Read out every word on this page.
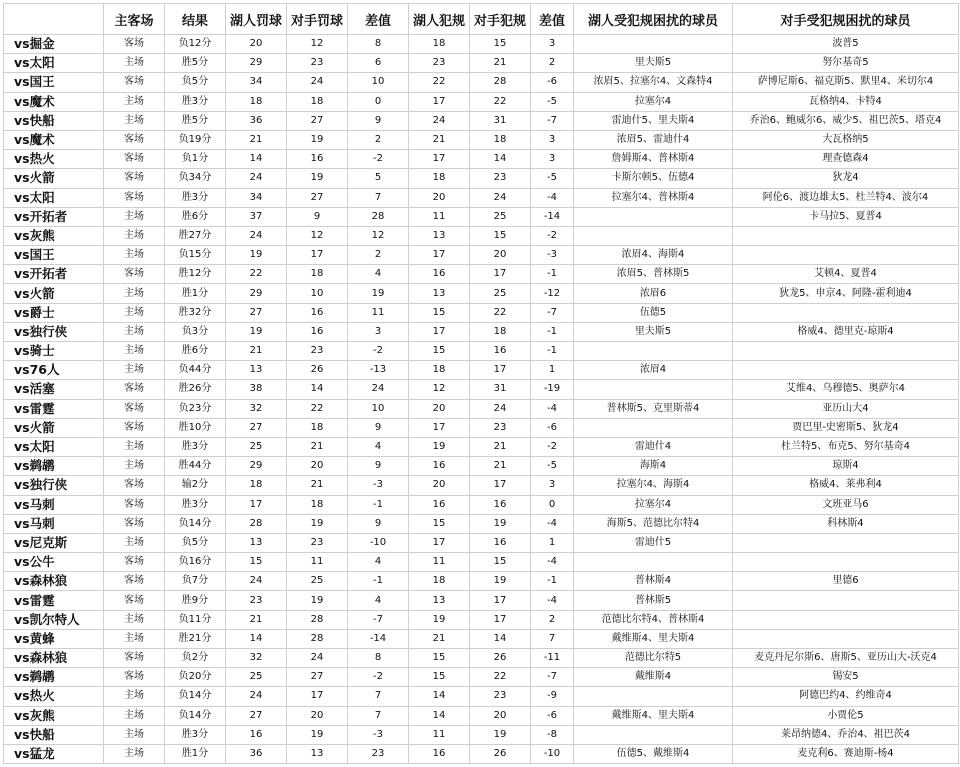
	主客场	结果	湖人罚球	对手罚球	差值	湖人犯规	对手犯规	差值	湖人受犯规困扰的球员	对手受犯规困扰的球员
vs掘金	客场	负12分	20	12	8	18	15	3		波普5
vs太阳	主场	胜5分	29	23	6	23	21	2	里夫斯5	努尔基奇5
vs国王	客场	负5分	34	24	10	22	28	-6	浓眉5、拉塞尔4、文森特4	萨博尼斯6、福克斯5、默里4、米切尔4
vs魔术	主场	胜3分	18	18	0	17	22	-5	拉塞尔4	瓦格纳4、卡特4
vs快船	主场	胜5分	36	27	9	24	31	-7	雷迪什5、里夫斯4	乔治6、鲍威尔6、威少5、祖巴茨5、塔克4
vs魔术	客场	负19分	21	19	2	21	18	3	浓眉5、雷迪什4	大瓦格纳5
vs热火	客场	负1分	14	16	-2	17	14	3	詹姆斯4、普林斯4	理查德森4
vs火箭	客场	负34分	24	19	5	18	23	-5	卡斯尔顿5、伍德4	狄龙4
vs太阳	客场	胜3分	34	27	7	20	24	-4	拉塞尔4、普林斯4	阿伦6、渡边雄太5、杜兰特4、波尔4
vs开拓者	主场	胜6分	37	9	28	11	25	-14		卡马拉5、夏普4
vs灰熊	主场	胜27分	24	12	12	13	15	-2		
vs国王	主场	负15分	19	17	2	17	20	-3	浓眉4、海斯4	
vs开拓者	客场	胜12分	22	18	4	16	17	-1	浓眉5、普林斯5	艾顿4、夏普4
vs火箭	主场	胜1分	29	10	19	13	25	-12	浓眉6	狄龙5、申京4、阿隆-霍利迪4
vs爵士	主场	胜32分	27	16	11	15	22	-7	伍德5	
vs独行侠	主场	负3分	19	16	3	17	18	-1	里夫斯5	格威4、德里克-琼斯4
vs骑士	主场	胜6分	21	23	-2	15	16	-1		
vs76人	主场	负44分	13	26	-13	18	17	1	浓眉4	
vs活塞	客场	胜26分	38	14	24	12	31	-19		艾维4、乌穆德5、奥萨尔4
vs雷霆	客场	负23分	32	22	10	20	24	-4	普林斯5、克里斯蒂4	亚历山大4
vs火箭	客场	胜10分	27	18	9	17	23	-6		贾巴里-史密斯5、狄龙4
vs太阳	主场	胜3分	25	21	4	19	21	-2	雷迪什4	杜兰特5、布克5、努尔基奇4
vs鹈鹕	主场	胜44分	29	20	9	16	21	-5	海斯4	琼斯4
vs独行侠	客场	输2分	18	21	-3	20	17	3	拉塞尔4、海斯4	格威4、莱弗利4
vs马刺	客场	胜3分	17	18	-1	16	16	0	拉塞尔4	文班亚马6
vs马刺	客场	负14分	28	19	9	15	19	-4	海斯5、范德比尔特4	科林斯4
vs尼克斯	主场	负5分	13	23	-10	17	16	1	雷迪什5	
vs公牛	客场	负16分	15	11	4	11	15	-4		
vs森林狼	客场	负7分	24	25	-1	18	19	-1	普林斯4	里德6
vs雷霆	客场	胜9分	23	19	4	13	17	-4	普林斯5	
vs凯尔特人	主场	负11分	21	28	-7	19	17	2	范德比尔特4、普林斯4	
vs黄蜂	主场	胜21分	14	28	-14	21	14	7	戴维斯4、里夫斯4	
vs森林狼	客场	负2分	32	24	8	15	26	-11	范德比尔特5	麦克丹尼尔斯6、唐斯5、亚历山大-沃克4
vs鹈鹕	客场	负20分	25	27	-2	15	22	-7	戴维斯4	锡安5
vs热火	主场	负14分	24	17	7	14	23	-9		阿德巴约4、约维奇4
vs灰熊	主场	负14分	27	20	7	14	20	-6	戴维斯4、里夫斯4	小贾伦5
vs快船	主场	胜3分	16	19	-3	11	19	-8		莱昂纳德4、乔治4、祖巴茨4
vs猛龙	主场	胜1分	36	13	23	16	26	-10	伍德5、戴维斯4	麦克利6、赛迪斯-杨4
